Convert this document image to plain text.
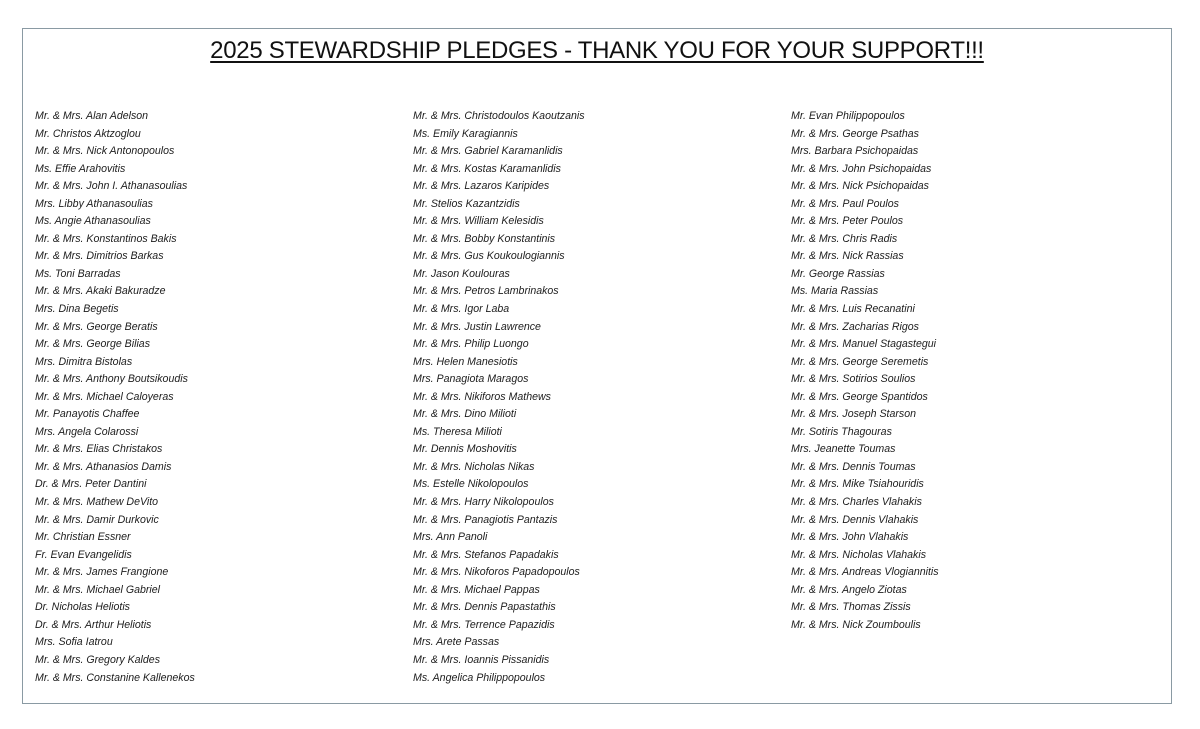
2025 STEWARDSHIP PLEDGES - THANK YOU FOR YOUR SUPPORT!!!
Mr. & Mrs. Alan Adelson
Mr. Christos Aktzoglou
Mr. & Mrs. Nick Antonopoulos
Ms. Effie Arahovitis
Mr. & Mrs. John I. Athanasoulias
Mrs. Libby Athanasoulias
Ms. Angie Athanasoulias
Mr. & Mrs. Konstantinos Bakis
Mr. & Mrs. Dimitrios Barkas
Ms. Toni Barradas
Mr. & Mrs. Akaki Bakuradze
Mrs. Dina Begetis
Mr. & Mrs. George Beratis
Mr. & Mrs. George Bilias
Mrs. Dimitra Bistolas
Mr. & Mrs. Anthony Boutsikoudis
Mr. & Mrs. Michael Caloyeras
Mr. Panayotis Chaffee
Mrs. Angela Colarossi
Mr. & Mrs. Elias Christakos
Mr. & Mrs. Athanasios Damis
Dr. & Mrs. Peter Dantini
Mr. & Mrs. Mathew DeVito
Mr. & Mrs. Damir Durkovic
Mr. Christian Essner
Fr. Evan Evangelidis
Mr. & Mrs. James Frangione
Mr. & Mrs. Michael Gabriel
Dr. Nicholas Heliotis
Dr. & Mrs. Arthur Heliotis
Mrs. Sofia Iatrou
Mr. & Mrs. Gregory Kaldes
Mr. & Mrs. Constanine Kallenekos
Mr. & Mrs. Christodoulos Kaoutzanis
Ms. Emily Karagiannis
Mr. & Mrs. Gabriel Karamanlidis
Mr. & Mrs. Kostas Karamanlidis
Mr. & Mrs. Lazaros Karipides
Mr. Stelios Kazantzidis
Mr. & Mrs. William Kelesidis
Mr. & Mrs. Bobby Konstantinis
Mr. & Mrs. Gus Koukoulogiannis
Mr. Jason Koulouras
Mr. & Mrs. Petros Lambrinakos
Mr. & Mrs. Igor Laba
Mr. & Mrs. Justin Lawrence
Mr. & Mrs. Philip Luongo
Mrs. Helen Manesiotis
Mrs. Panagiota Maragos
Mr. & Mrs. Nikiforos Mathews
Mr. & Mrs. Dino Milioti
Ms. Theresa Milioti
Mr. Dennis Moshovitis
Mr. & Mrs. Nicholas Nikas
Ms. Estelle Nikolopoulos
Mr. & Mrs. Harry Nikolopoulos
Mr. & Mrs. Panagiotis Pantazis
Mrs. Ann Panoli
Mr. & Mrs. Stefanos Papadakis
Mr. & Mrs. Nikoforos Papadopoulos
Mr. & Mrs. Michael Pappas
Mr. & Mrs. Dennis Papastathis
Mr. & Mrs. Terrence Papazidis
Mrs. Arete Passas
Mr. & Mrs. Ioannis Pissanidis
Ms. Angelica Philippopoulos
Mr. Evan Philippopoulos
Mr. & Mrs. George Psathas
Mrs. Barbara Psichopaidas
Mr. & Mrs. John Psichopaidas
Mr. & Mrs. Nick Psichopaidas
Mr. & Mrs. Paul Poulos
Mr. & Mrs. Peter Poulos
Mr. & Mrs. Chris Radis
Mr. & Mrs. Nick Rassias
Mr. George Rassias
Ms. Maria Rassias
Mr. & Mrs. Luis Recanatini
Mr. & Mrs. Zacharias Rigos
Mr. & Mrs. Manuel Stagastegui
Mr. & Mrs. George Seremetis
Mr. & Mrs. Sotirios Soulios
Mr. & Mrs. George Spantidos
Mr. & Mrs. Joseph Starson
Mr. Sotiris Thagouras
Mrs. Jeanette Toumas
Mr. & Mrs. Dennis Toumas
Mr. & Mrs. Mike Tsiahouridis
Mr. & Mrs. Charles Vlahakis
Mr. & Mrs. Dennis Vlahakis
Mr. & Mrs. John Vlahakis
Mr. & Mrs. Nicholas Vlahakis
Mr. & Mrs. Andreas Vlogiannitis
Mr. & Mrs. Angelo Ziotas
Mr. & Mrs. Thomas Zissis
Mr. & Mrs. Nick Zoumboulis
